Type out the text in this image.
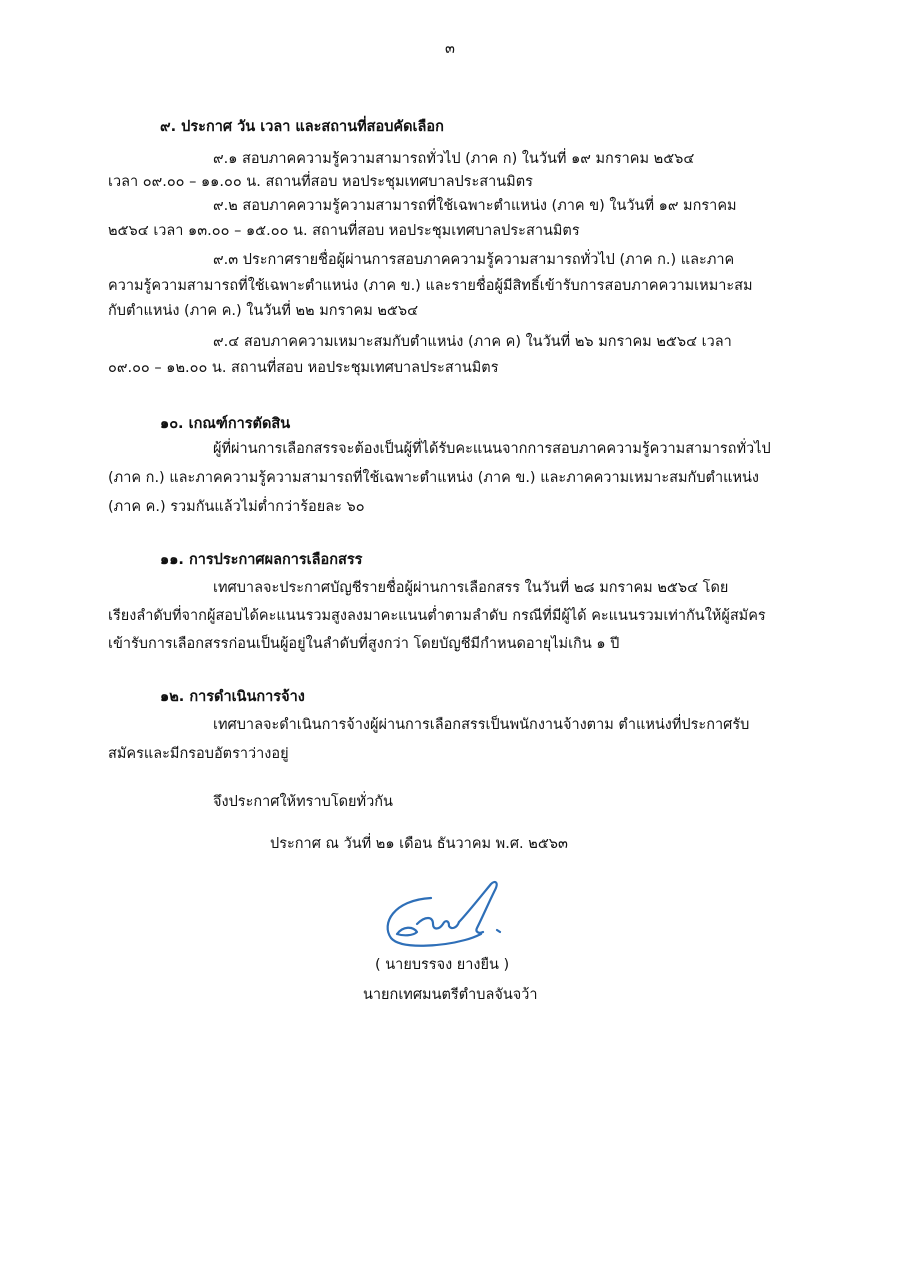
๓
๙. ประกาศ วัน เวลา และสถานที่สอบคัดเลือก
๙.๑ สอบภาคความรู้ความสามารถทั่วไป (ภาค ก) ในวันที่ ๑๙ มกราคม ๒๕๖๔
เวลา ๐๙.๐๐ – ๑๑.๐๐ น. สถานที่สอบ หอประชุมเทศบาลประสานมิตร
๙.๒ สอบภาคความรู้ความสามารถที่ใช้เฉพาะตำแหน่ง (ภาค ข) ในวันที่ ๑๙ มกราคม
๒๕๖๔ เวลา ๑๓.๐๐ – ๑๕.๐๐ น. สถานที่สอบ หอประชุมเทศบาลประสานมิตร
๙.๓ ประกาศรายชื่อผู้ผ่านการสอบภาคความรู้ความสามารถทั่วไป (ภาค ก.) และภาค
ความรู้ความสามารถที่ใช้เฉพาะตำแหน่ง (ภาค ข.) และรายชื่อผู้มีสิทธิ์เข้ารับการสอบภาคความเหมาะสม
กับตำแหน่ง (ภาค ค.) ในวันที่ ๒๒ มกราคม ๒๕๖๔
๙.๔ สอบภาคความเหมาะสมกับตำแหน่ง (ภาค ค) ในวันที่ ๒๖ มกราคม ๒๕๖๔ เวลา
๐๙.๐๐ – ๑๒.๐๐ น. สถานที่สอบ หอประชุมเทศบาลประสานมิตร
๑๐. เกณฑ์การตัดสิน
ผู้ที่ผ่านการเลือกสรรจะต้องเป็นผู้ที่ได้รับคะแนนจากการสอบภาคความรู้ความสามารถทั่วไป
(ภาค ก.) และภาคความรู้ความสามารถที่ใช้เฉพาะตำแหน่ง (ภาค ข.) และภาคความเหมาะสมกับตำแหน่ง
(ภาค ค.) รวมกันแล้วไม่ต่ำกว่าร้อยละ ๖๐
๑๑. การประกาศผลการเลือกสรร
เทศบาลจะประกาศบัญชีรายชื่อผู้ผ่านการเลือกสรร ในวันที่ ๒๘ มกราคม ๒๕๖๔ โดย
เรียงลำดับที่จากผู้สอบได้คะแนนรวมสูงลงมาคะแนนต่ำตามลำดับ กรณีที่มีผู้ได้ คะแนนรวมเท่ากันให้ผู้สมัคร
เข้ารับการเลือกสรรก่อนเป็นผู้อยู่ในลำดับที่สูงกว่า โดยบัญชีมีกำหนดอายุไม่เกิน ๑ ปี
๑๒. การดำเนินการจ้าง
เทศบาลจะดำเนินการจ้างผู้ผ่านการเลือกสรรเป็นพนักงานจ้างตาม ตำแหน่งที่ประกาศรับ
สมัครและมีกรอบอัตราว่างอยู่
จึงประกาศให้ทราบโดยทั่วกัน
ประกาศ ณ วันที่ ๒๑ เดือน ธันวาคม พ.ศ. ๒๕๖๓
( นายบรรจง ยางยืน )
นายกเทศมนตรีตำบลจันจว้า
